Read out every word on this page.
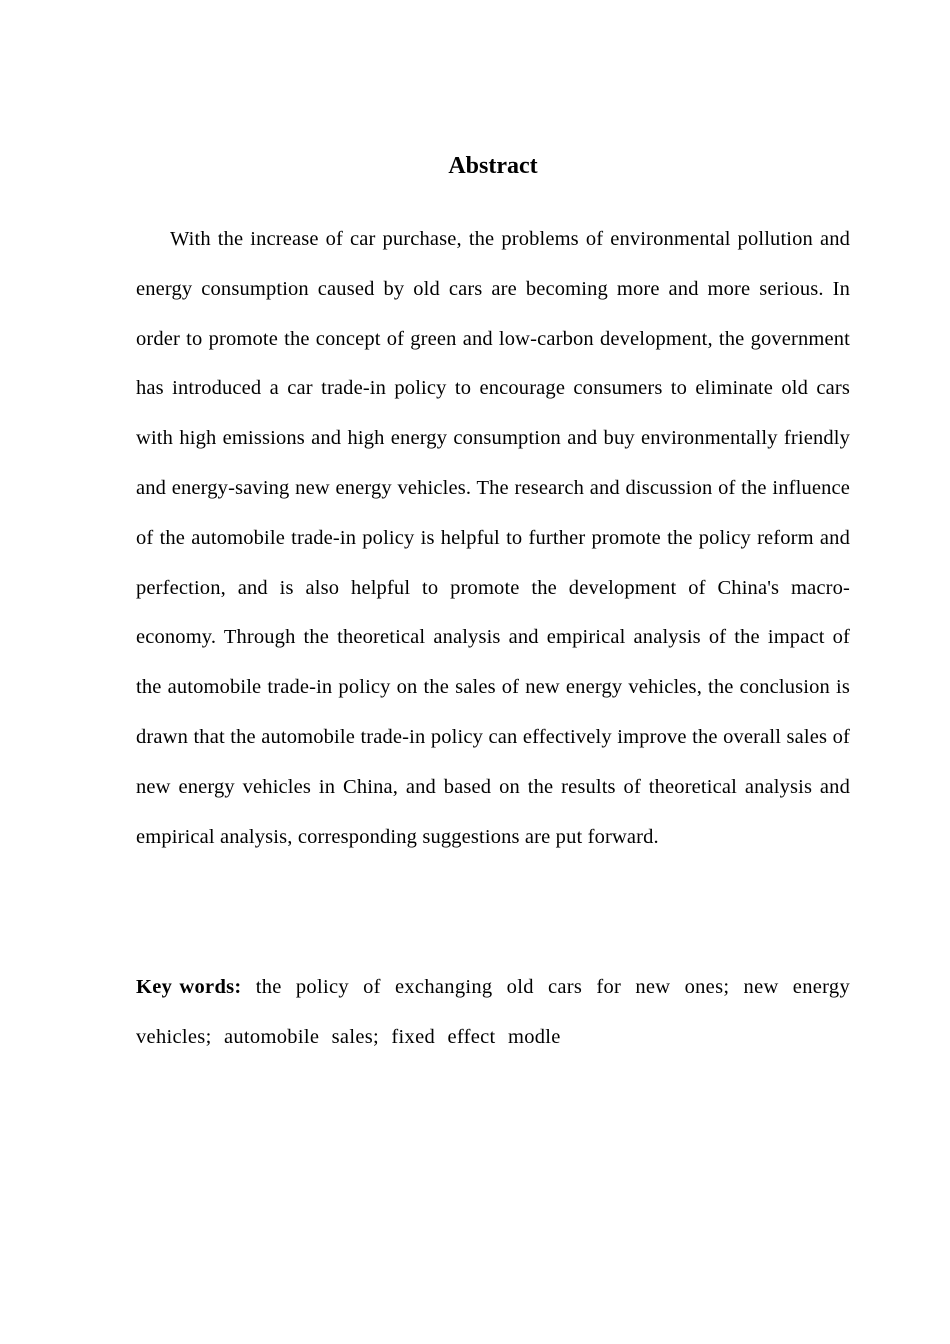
Abstract

With the increase of car purchase, the problems of environmental pollution and energy consumption caused by old cars are becoming more and more serious. In order to promote the concept of green and low-carbon development, the government has introduced a car trade-in policy to encourage consumers to eliminate old cars with high emissions and high energy consumption and buy environmentally friendly and energy-saving new energy vehicles. The research and discussion of the influence of the automobile trade-in policy is helpful to further promote the policy reform and perfection, and is also helpful to promote the development of China's macro-economy. Through the theoretical analysis and empirical analysis of the impact of the automobile trade-in policy on the sales of new energy vehicles, the conclusion is drawn that the automobile trade-in policy can effectively improve the overall sales of new energy vehicles in China, and based on the results of theoretical analysis and empirical analysis, corresponding suggestions are put forward.

Key words: the policy of exchanging old cars for new ones; new energy vehicles; automobile sales; fixed effect modle
